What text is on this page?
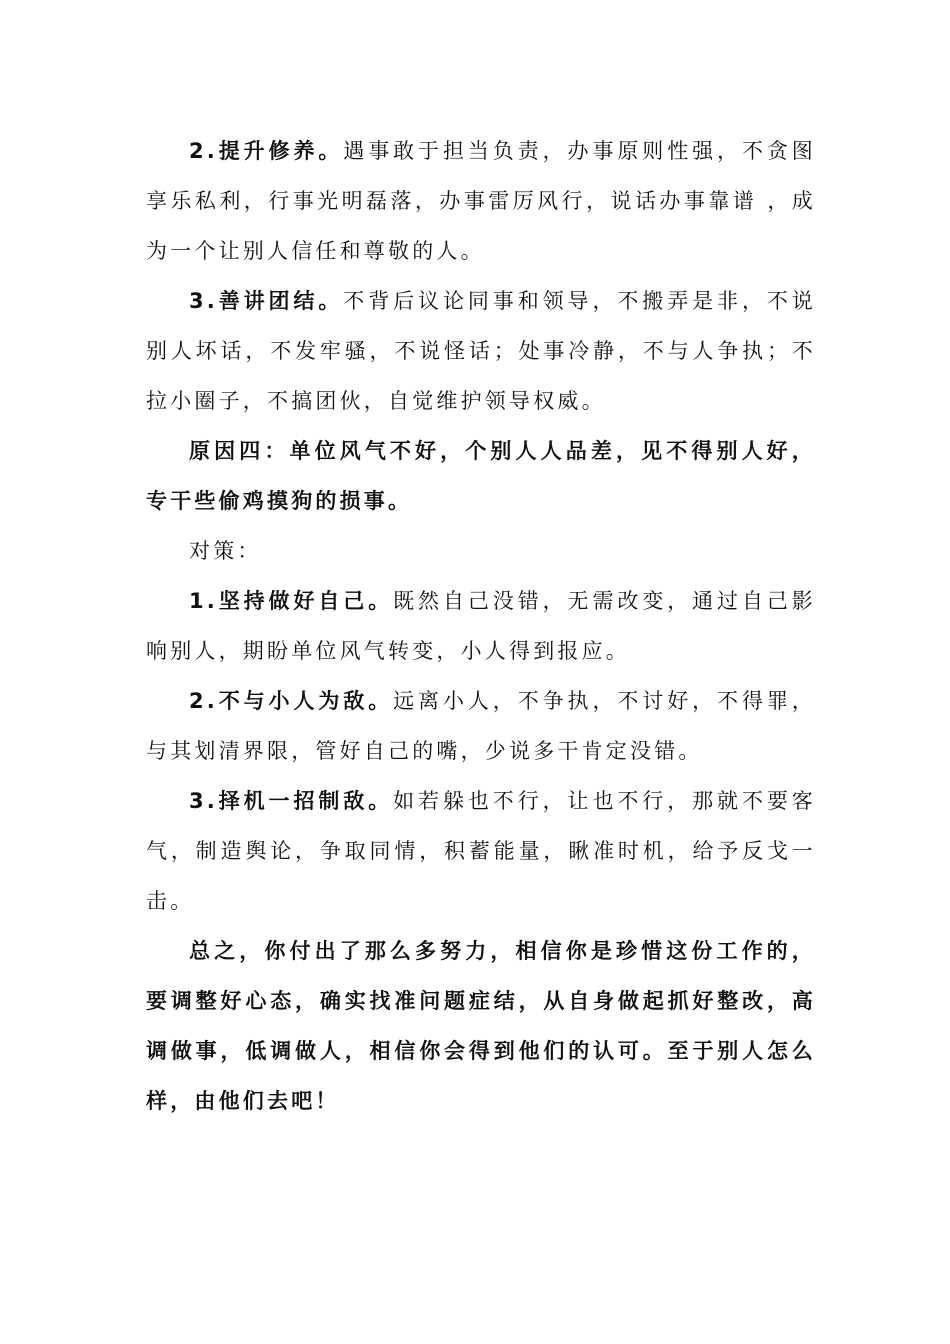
2.提升修养。遇事敢于担当负责，办事原则性强，不贪图享乐私利，行事光明磊落，办事雷厉风行，说话办事靠谱 ，成为一个让别人信任和尊敬的人。

3.善讲团结。不背后议论同事和领导，不搬弄是非，不说别人坏话，不发牢骚，不说怪话；处事冷静，不与人争执；不拉小圈子，不搞团伙，自觉维护领导权威。

原因四：单位风气不好，个别人人品差，见不得别人好，专干些偷鸡摸狗的损事。

对策：

1.坚持做好自己。既然自己没错，无需改变，通过自己影响别人，期盼单位风气转变，小人得到报应。

2.不与小人为敌。远离小人，不争执，不讨好，不得罪，与其划清界限，管好自己的嘴，少说多干肯定没错。

3.择机一招制敌。如若躲也不行，让也不行，那就不要客气，制造舆论，争取同情，积蓄能量，瞅准时机，给予反戈一击。

总之，你付出了那么多努力，相信你是珍惜这份工作的，要调整好心态，确实找准问题症结，从自身做起抓好整改，高调做事，低调做人，相信你会得到他们的认可。至于别人怎么样，由他们去吧！
